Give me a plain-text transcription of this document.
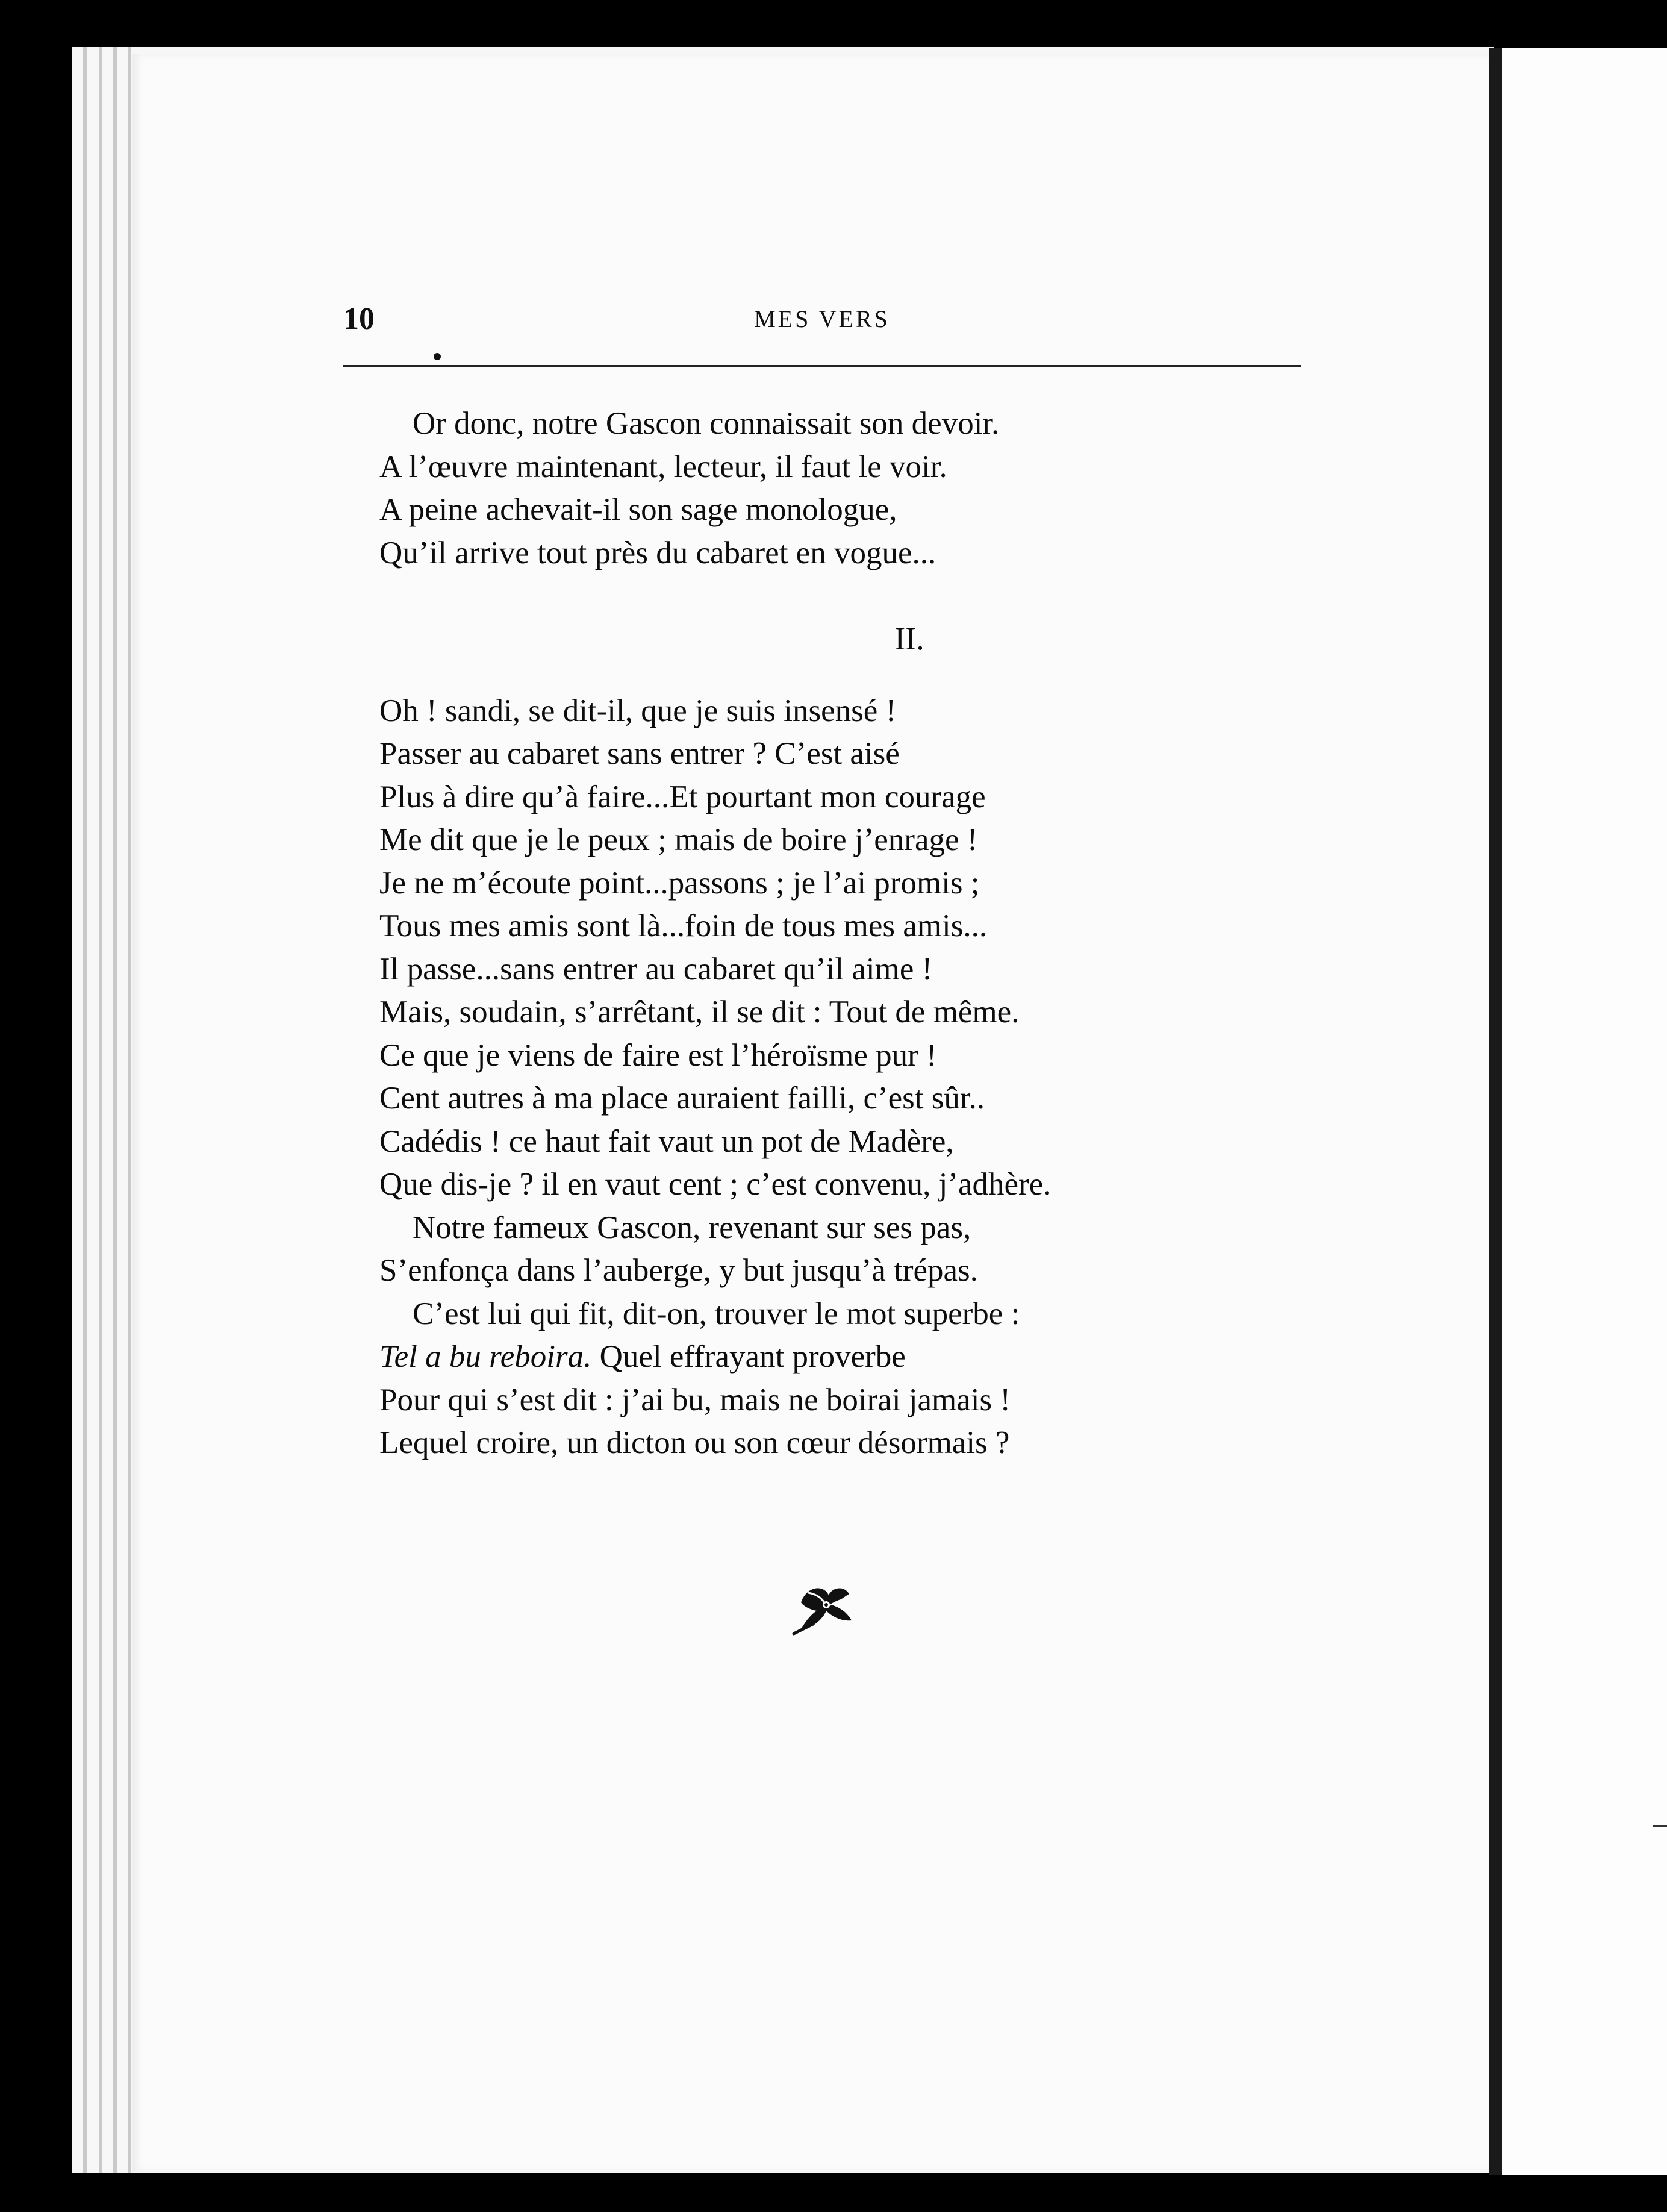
10	MES VERS
Or donc, notre Gascon connaissait son devoir.
A l’œuvre maintenant, lecteur, il faut le voir.
A peine achevait-il son sage monologue,
Qu’il arrive tout près du cabaret en vogue...
II.
Oh ! sandi, se dit-il, que je suis insensé !
Passer au cabaret sans entrer ? C’est aisé
Plus à dire qu’à faire...Et pourtant mon courage
Me dit que je le peux ; mais de boire j’enrage !
Je ne m’écoute point...passons ; je l’ai promis ;
Tous mes amis sont là...foin de tous mes amis...
Il passe...sans entrer au cabaret qu’il aime !
Mais, soudain, s’arrêtant, il se dit : Tout de même.
Ce que je viens de faire est l’héroïsme pur !
Cent autres à ma place auraient failli, c’est sûr..
Cadédis ! ce haut fait vaut un pot de Madère,
Que dis-je ? il en vaut cent ; c’est convenu, j’adhère.
Notre fameux Gascon, revenant sur ses pas,
S’enfonça dans l’auberge, y but jusqu’à trépas.
C’est lui qui fit, dit-on, trouver le mot superbe :
Tel a bu reboira. Quel effrayant proverbe
Pour qui s’est dit : j’ai bu, mais ne boirai jamais !
Lequel croire, un dicton ou son cœur désormais ?
